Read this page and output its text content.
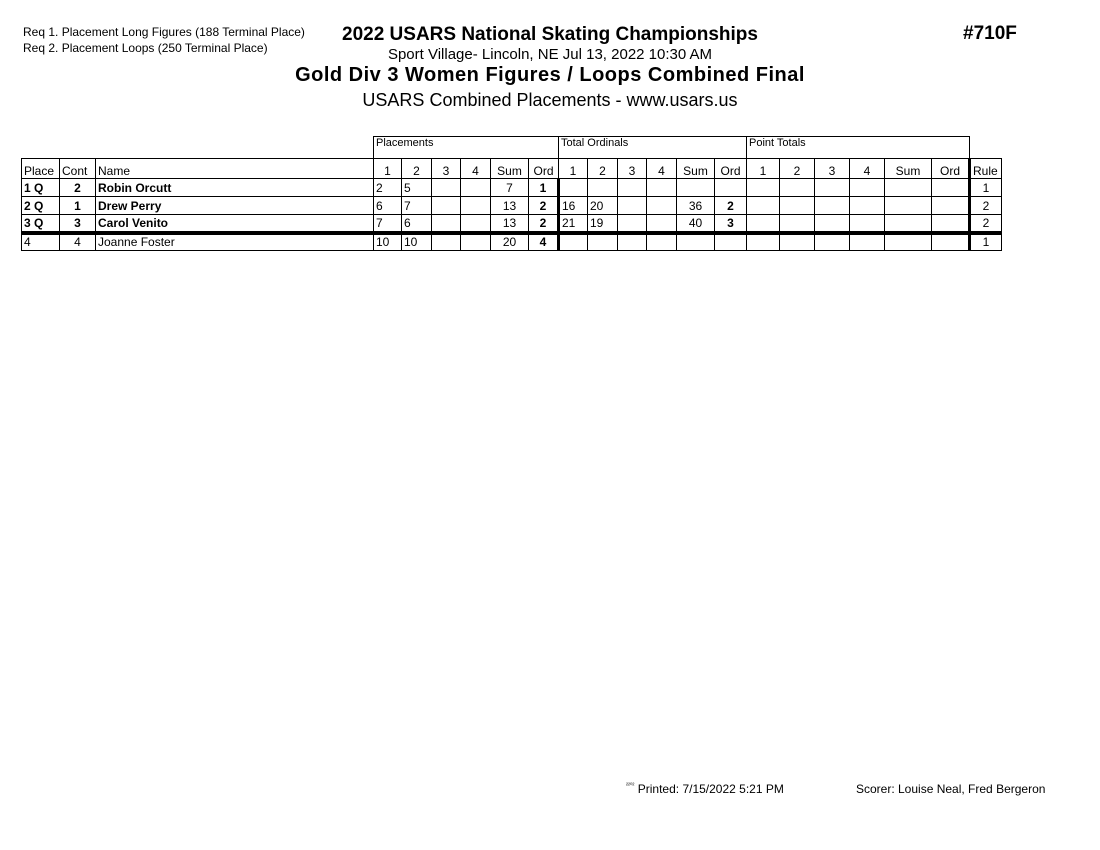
Req 1. Placement Long Figures (188 Terminal Place)
Req 2. Placement Loops (250 Terminal Place)
2022 USARS National Skating Championships
Sport Village- Lincoln, NE Jul 13, 2022 10:30 AM
Gold Div 3 Women Figures / Loops Combined Final
USARS Combined Placements - www.usars.us
#710F
			Placements						Total Ordinals						Point Totals						
Place	Cont	Name	1	2	3	4	Sum	Ord	1	2	3	4	Sum	Ord	1	2	3	4	Sum	Ord	Rule
1 Q	2	Robin Orcutt	2	5			7	1													1
2 Q	1	Drew Perry	6	7			13	2	16	20			36	2							2
3 Q	3	Carol Venito	7	6			13	2	21	19			40	3							2
4	4	Joanne Foster	10	10			20	4													1
$^{^{2202}}$ Printed: 7/15/2022 5:21 PM	Scorer: Louise Neal, Fred Bergeron
